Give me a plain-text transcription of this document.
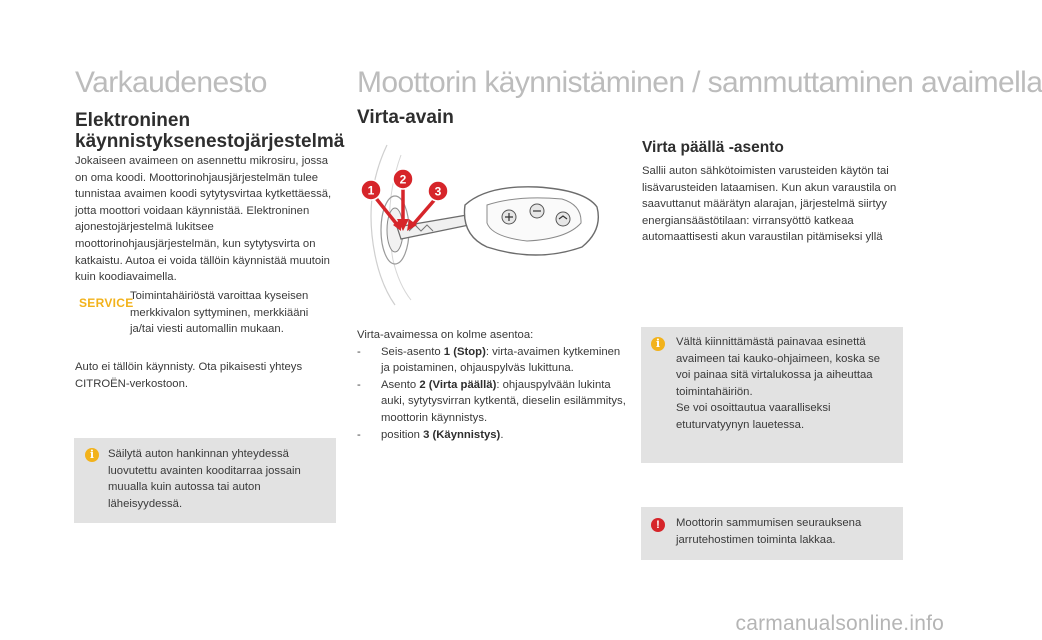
Varkaudenesto
Elektroninen
käynnistyksenestojärjestelmä
Jokaiseen avaimeen on asennettu mikrosiru, jossa on oma koodi. Moottorinohjausjärjestelmän tulee tunnistaa avaimen koodi sytytysvirtaa kytkettäessä, jotta moottori voidaan käynnistää. Elektroninen ajonestojärjestelmä lukitsee moottorinohjausjärjestelmän, kun sytytysvirta on katkaistu. Autoa ei voida tällöin käynnistää muutoin kuin koodiavaimella.
SERVICE
Toimintahäiriöstä varoittaa kyseisen merkkivalon syttyminen, merkkiääni ja/tai viesti automallin mukaan.
Auto ei tällöin käynnisty. Ota pikaisesti yhteys CITROËN-verkostoon.
i	Säilytä auton hankinnan yhteydessä luovutettu avainten kooditarraa jossain muualla kuin autossa tai auton läheisyydessä.
Moottorin käynnistäminen / sammuttaminen avaimella
Virta-avain
1
2
3
Virta-avaimessa on kolme asentoa:
-	Seis-asento 1 (Stop): virta-avaimen kytkeminen ja poistaminen, ohjauspylväs lukittuna.
-	Asento 2 (Virta päällä): ohjauspylvään lukinta auki, sytytysvirran kytkentä, dieselin esilämmitys, moottorin käynnistys.
-	position 3 (Käynnistys).
Virta päällä -asento
Sallii auton sähkötoimisten varusteiden käytön tai lisävarusteiden lataamisen. Kun akun varaustila on saavuttanut määrätyn alarajan, järjestelmä siirtyy energiansäästötilaan: virransyöttö katkeaa automaattisesti akun varaustilan pitämiseksi yllä
i	Vältä kiinnittämästä painavaa esinettä avaimeen tai kauko-ohjaimeen, koska se voi painaa sitä virtalukossa ja aiheuttaa toimintahäiriön.
Se voi osoittautua vaaralliseksi etuturvatyynyn lauetessa.
!	Moottorin sammumisen seurauksena jarrutehostimen toiminta lakkaa.
carmanualsonline.info
